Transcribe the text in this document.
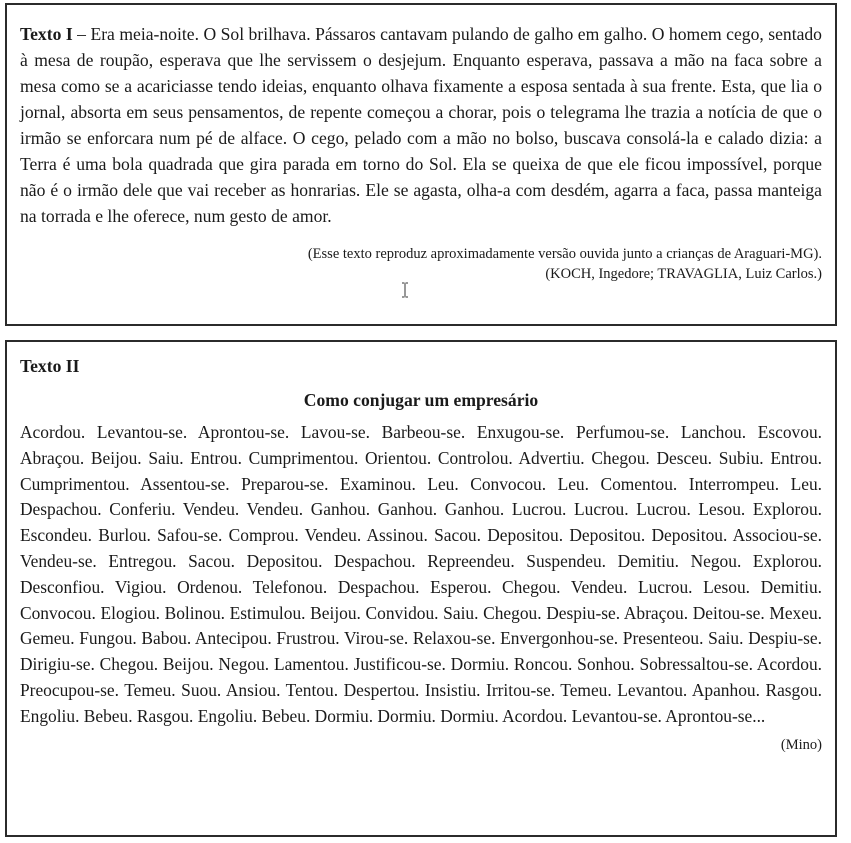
Texto I – Era meia-noite. O Sol brilhava. Pássaros cantavam pulando de galho em galho. O homem cego, sentado à mesa de roupão, esperava que lhe servissem o desjejum. Enquanto esperava, passava a mão na faca sobre a mesa como se a acariciasse tendo ideias, enquanto olhava fixamente a esposa sentada à sua frente. Esta, que lia o jornal, absorta em seus pensamentos, de repente começou a chorar, pois o telegrama lhe trazia a notícia de que o irmão se enforcara num pé de alface. O cego, pelado com a mão no bolso, buscava consolá-la e calado dizia: a Terra é uma bola quadrada que gira parada em torno do Sol. Ela se queixa de que ele ficou impossível, porque não é o irmão dele que vai receber as honrarias. Ele se agasta, olha-a com desdém, agarra a faca, passa manteiga na torrada e lhe oferece, num gesto de amor.

(Esse texto reproduz aproximadamente versão ouvida junto a crianças de Araguari-MG).

(KOCH, Ingedore; TRAVAGLIA, Luiz Carlos.)

Texto II

Como conjugar um empresário

Acordou. Levantou-se. Aprontou-se. Lavou-se. Barbeou-se. Enxugou-se. Perfumou-se. Lanchou. Escovou. Abraçou. Beijou. Saiu. Entrou. Cumprimentou. Orientou. Controlou. Advertiu. Chegou. Desceu. Subiu. Entrou. Cumprimentou. Assentou-se. Preparou-se. Examinou. Leu. Convocou. Leu. Comentou. Interrompeu. Leu. Despachou. Conferiu. Vendeu. Vendeu. Ganhou. Ganhou. Ganhou. Lucrou. Lucrou. Lucrou. Lesou. Explorou. Escondeu. Burlou. Safou-se. Comprou. Vendeu. Assinou. Sacou. Depositou. Depositou. Depositou. Associou-se. Vendeu-se. Entregou. Sacou. Depositou. Despachou. Repreendeu. Suspendeu. Demitiu. Negou. Explorou. Desconfiou. Vigiou. Ordenou. Telefonou. Despachou. Esperou. Chegou. Vendeu. Lucrou. Lesou. Demitiu. Convocou. Elogiou. Bolinou. Estimulou. Beijou. Convidou. Saiu. Chegou. Despiu-se. Abraçou. Deitou-se. Mexeu. Gemeu. Fungou. Babou. Antecipou. Frustrou. Virou-se. Relaxou-se. Envergonhou-se. Presenteou. Saiu. Despiu-se. Dirigiu-se. Chegou. Beijou. Negou. Lamentou. Justificou-se. Dormiu. Roncou. Sonhou. Sobressaltou-se. Acordou. Preocupou-se. Temeu. Suou. Ansiou. Tentou. Despertou. Insistiu. Irritou-se. Temeu. Levantou. Apanhou. Rasgou. Engoliu. Bebeu. Rasgou. Engoliu. Bebeu. Dormiu. Dormiu. Dormiu. Acordou. Levantou-se. Aprontou-se...

(Mino)
